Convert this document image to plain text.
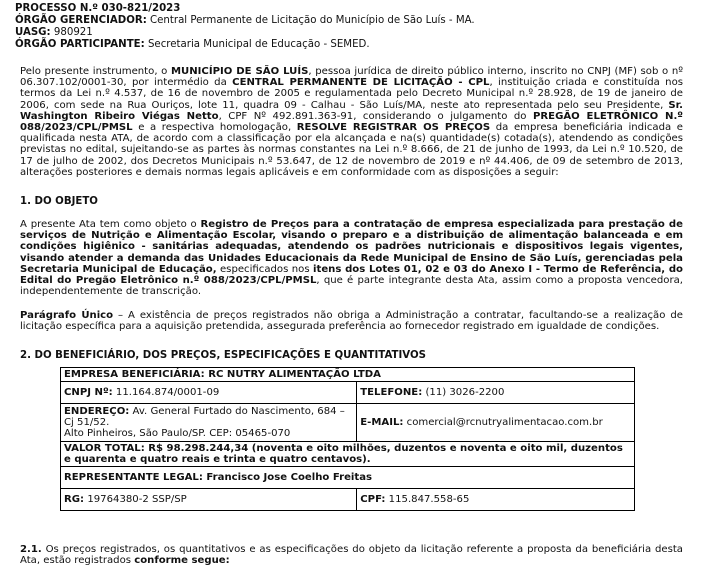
PROCESSO N.º 030-821/2023
ÓRGÃO GERENCIADOR: Central Permanente de Licitação do Município de São Luís - MA.
UASG: 980921
ÓRGÃO PARTICIPANTE: Secretaria Municipal de Educação - SEMED.
Pelo presente instrumento, o MUNICÍPIO DE SÃO LUÍS, pessoa jurídica de direito público interno, inscrito no CNPJ (MF) sob o nº 06.307.102/0001-30, por intermédio da CENTRAL PERMANENTE DE LICITAÇÃO - CPL, instituição criada e constituída nos termos da Lei n.º 4.537, de 16 de novembro de 2005 e regulamentada pelo Decreto Municipal n.º 28.928, de 19 de janeiro de 2006, com sede na Rua Ouriços, lote 11, quadra 09 - Calhau - São Luís/MA, neste ato representada pelo seu Presidente, Sr. Washington Ribeiro Viégas Netto, CPF Nº 492.891.363-91, considerando o julgamento do PREGÃO ELETRÔNICO N.º 088/2023/CPL/PMSL e a respectiva homologação, RESOLVE REGISTRAR OS PREÇOS da empresa beneficiária indicada e qualificada nesta ATA, de acordo com a classificação por ela alcançada e na(s) quantidade(s) cotada(s), atendendo as condições previstas no edital, sujeitando-se as partes às normas constantes na Lei n.º 8.666, de 21 de junho de 1993, da Lei n.º 10.520, de 17 de julho de 2002, dos Decretos Municipais n.º 53.647, de 12 de novembro de 2019 e nº 44.406, de 09 de setembro de 2013, alterações posteriores e demais normas legais aplicáveis e em conformidade com as disposições a seguir:
1. DO OBJETO
A presente Ata tem como objeto o Registro de Preços para a contratação de empresa especializada para prestação de serviços de Nutrição e Alimentação Escolar, visando o preparo e a distribuição de alimentação balanceada e em condições higiênico - sanitárias adequadas, atendendo os padrões nutricionais e dispositivos legais vigentes, visando atender a demanda das Unidades Educacionais da Rede Municipal de Ensino de São Luís, gerenciadas pela Secretaria Municipal de Educação, especificados nos itens dos Lotes 01, 02 e 03 do Anexo I - Termo de Referência, do Edital do Pregão Eletrônico n.º 088/2023/CPL/PMSL, que é parte integrante desta Ata, assim como a proposta vencedora, independentemente de transcrição.
Parágrafo Único – A existência de preços registrados não obriga a Administração a contratar, facultando-se a realização de licitação específica para a aquisição pretendida, assegurada preferência ao fornecedor registrado em igualdade de condições.
2. DO BENEFICIÁRIO, DOS PREÇOS, ESPECIFICAÇÕES E QUANTITATIVOS
EMPRESA BENEFICIÁRIA: RC NUTRY ALIMENTAÇÃO LTDA	
CNPJ Nº: 11.164.874/0001-09	TELEFONE: (11) 3026-2200
ENDEREÇO: Av. General Furtado do Nascimento, 684 – Cj 51/52.
Alto Pinheiros, São Paulo/SP. CEP: 05465-070	E-MAIL: comercial@rcnutryalimentacao.com.br
VALOR TOTAL: R$ 98.298.244,34 (noventa e oito milhões, duzentos e noventa e oito mil, duzentos e quarenta e quatro reais e trinta e quatro centavos).	
REPRESENTANTE LEGAL: Francisco Jose Coelho Freitas	
RG: 19764380-2 SSP/SP	CPF: 115.847.558-65
2.1. Os preços registrados, os quantitativos e as especificações do objeto da licitação referente a proposta da beneficiária desta Ata, estão registrados conforme segue:
